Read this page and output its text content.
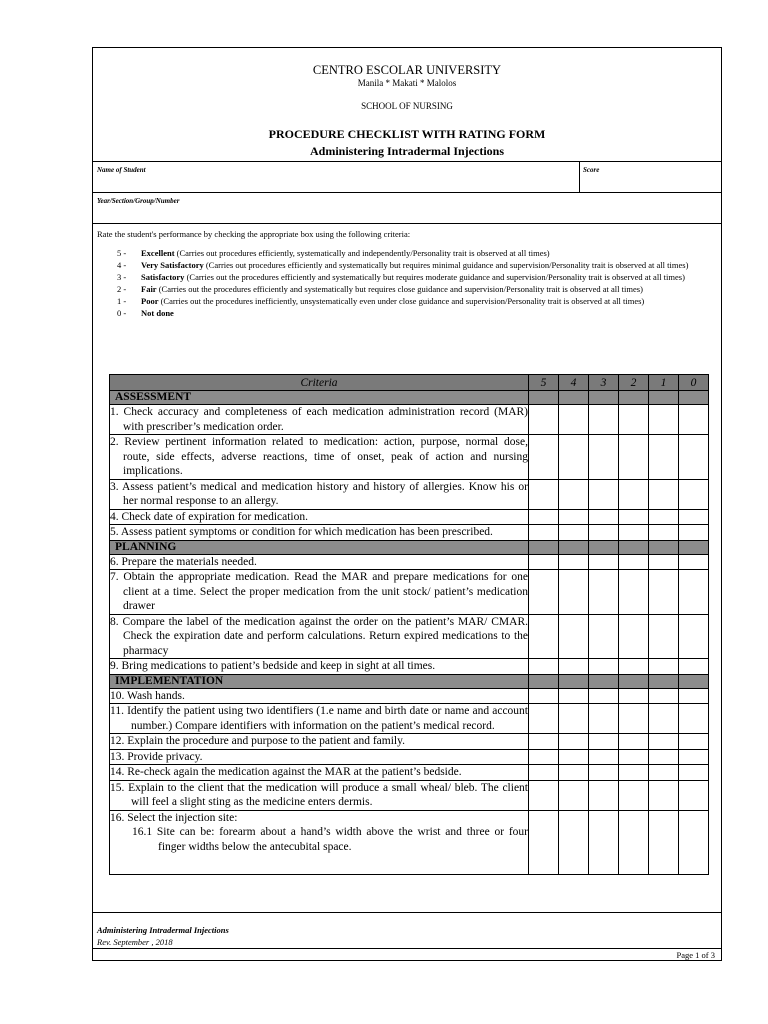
CENTRO ESCOLAR UNIVERSITY
Manila * Makati * Malolos
SCHOOL OF NURSING
PROCEDURE CHECKLIST WITH RATING FORM
Administering Intradermal Injections
Name of Student	Score
Year/Section/Group/Number
Rate the student's performance by checking the appropriate box using the following criteria:
5 - Excellent (Carries out procedures efficiently, systematically and independently/Personality trait is observed at all times)
4 - Very Satisfactory (Carries out procedures efficiently and systematically but requires minimal guidance and supervision/Personality trait is observed at all times)
3 - Satisfactory (Carries out the procedures efficiently and systematically but requires moderate guidance and supervision/Personality trait is observed at all times)
2 - Fair (Carries out the procedures efficiently and systematically but requires close guidance and supervision/Personality trait is observed at all times)
1 - Poor (Carries out the procedures inefficiently, unsystematically even under close guidance and supervision/Personality trait is observed at all times)
0 - Not done
Criteria	5	4	3	2	1	0
ASSESSMENT						

1. Check accuracy and completeness of each medication administration record (MAR) with prescriber’s medication order.						

2. Review pertinent information related to medication: action, purpose, normal dose, route, side effects, adverse reactions, time of onset, peak of action and nursing implications.						

3. Assess patient’s medical and medication history and history of allergies. Know his or her normal response to an allergy.						

4. Check date of expiration for medication.						

5. Assess patient symptoms or condition for which medication has been prescribed.						

PLANNING						

6. Prepare the materials needed.						

7. Obtain the appropriate medication. Read the MAR and prepare medications for one client at a time. Select the proper medication from the unit stock/ patient’s medication drawer						

8. Compare the label of the medication against the order on the patient’s MAR/ CMAR. Check the expiration date and perform calculations. Return expired medications to the pharmacy						

9. Bring medications to patient’s bedside and keep in sight at all times.						

IMPLEMENTATION						

10. Wash hands.						

11. Identify the patient using two identifiers (1.e name and birth date or name and account number.) Compare identifiers with information on the patient’s medical record.						

12. Explain the procedure and purpose to the patient and family.						

13. Provide privacy.						

14. Re-check again the medication against the MAR at the patient’s bedside.						

15. Explain to the client that the medication will produce a small wheal/ bleb. The client will feel a slight sting as the medicine enters dermis.						

16. Select the injection site:
16.1 Site can be: forearm about a hand’s width above the wrist and three or four finger widths below the antecubital space.						

Administering Intradermal Injections
Rev. September , 2018
Page 1 of 3
